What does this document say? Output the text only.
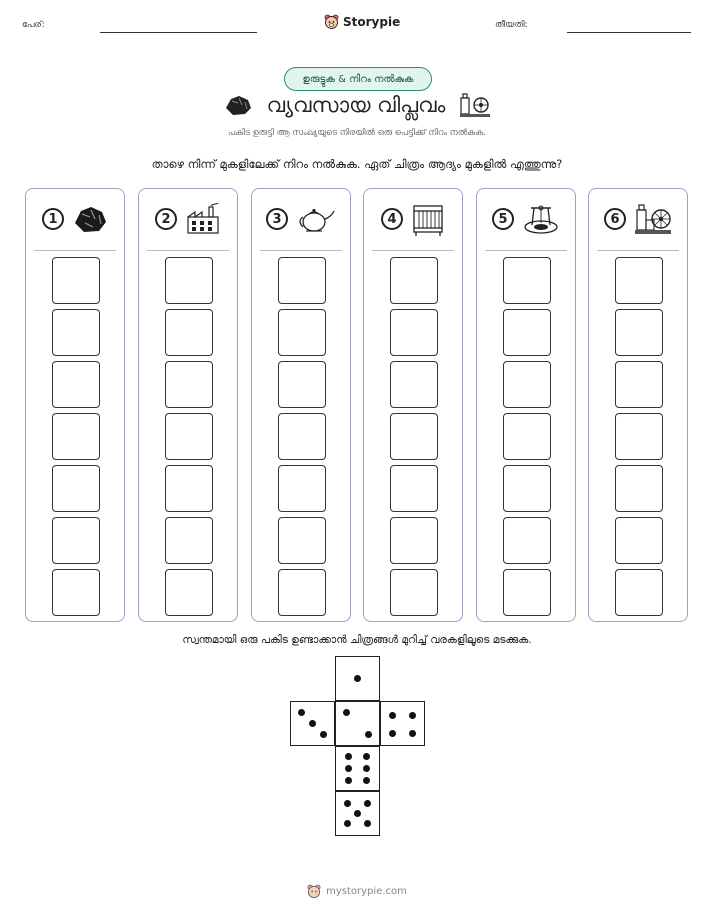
പേര്:	Storypie	തീയതി:
ഉരുട്ടുക & നിറം നൽകുക
വ്യവസായ വിപ്ലവം
പകിട ഉരുട്ടി ആ സംഖ്യയുടെ നിരയിൽ ഒരു പെട്ടിക്ക് നിറം നൽകുക.
താഴെ നിന്ന് മുകളിലേക്ക് നിറം നൽകുക. ഏത് ചിത്രം ആദ്യം മുകളിൽ എത്തുന്നു?
1	2	3	4	5	6
സ്വന്തമായി ഒരു പകിട ഉണ്ടാക്കാൻ ചിത്രങ്ങൾ മുറിച്ച് വരകളിലൂടെ മടക്കുക.
mystorypie.com
